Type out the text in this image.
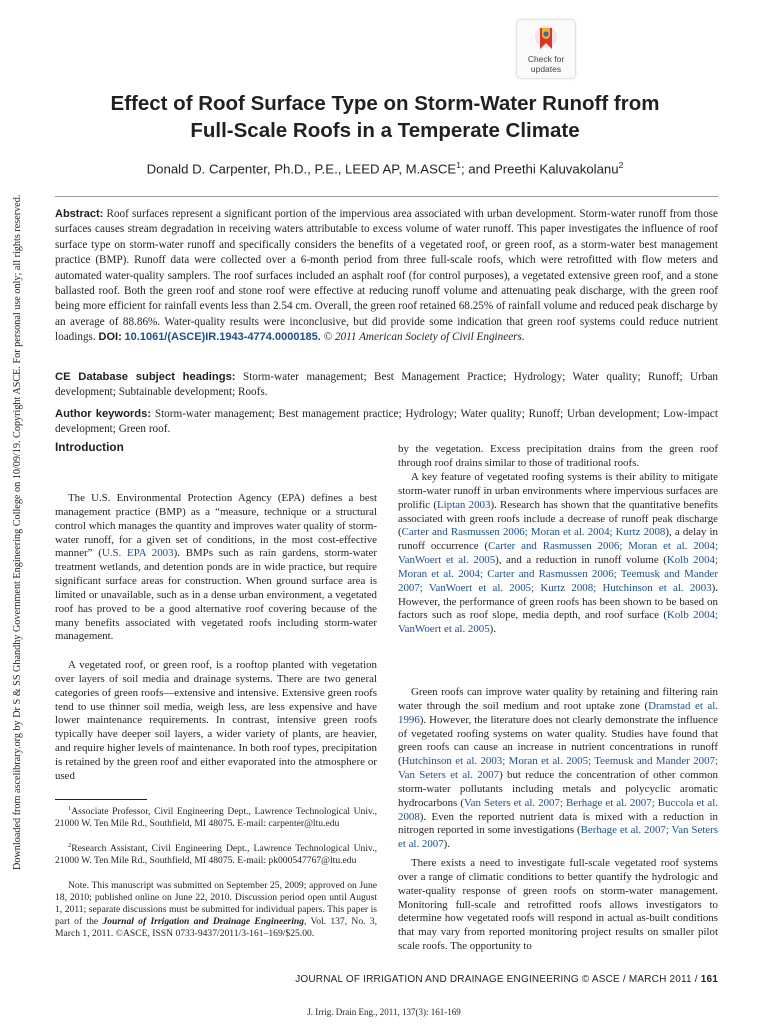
Downloaded from ascelibrary.org by Dr S & SS Ghandhy Government Engineering College on 10/09/19. Copyright ASCE. For personal use only; all rights reserved.
Check for
updates
Effect of Roof Surface Type on Storm-Water Runoff from
Full-Scale Roofs in a Temperate Climate
Donald D. Carpenter, Ph.D., P.E., LEED AP, M.ASCE$^1$; and Preethi Kaluvakolanu$^2$
Abstract: Roof surfaces represent a significant portion of the impervious area associated with urban development. Storm-water runoff from those surfaces causes stream degradation in receiving waters attributable to excess volume of water runoff. This paper investigates the influence of roof surface type on storm-water runoff and specifically considers the benefits of a vegetated roof, or green roof, as a storm-water best management practice (BMP). Runoff data were collected over a 6-month period from three full-scale roofs, which were retrofitted with flow meters and automated water-quality samplers. The roof surfaces included an asphalt roof (for control purposes), a vegetated extensive green roof, and a stone ballasted roof. Both the green roof and stone roof were effective at reducing runoff volume and attenuating peak discharge, with the green roof being more efficient for rainfall events less than 2.54 cm. Overall, the green roof retained 68.25% of rainfall volume and reduced peak discharge by an average of 88.86%. Water-quality results were inconclusive, but did provide some indication that green roof systems could reduce nutrient loadings. DOI: 10.1061/(ASCE)IR.1943-4774.0000185. © 2011 American Society of Civil Engineers.
CE Database subject headings: Storm-water management; Best Management Practice; Hydrology; Water quality; Runoff; Urban development; Subtainable development; Roofs.
Author keywords: Storm-water management; Best management practice; Hydrology; Water quality; Runoff; Urban development; Low-impact development; Green roof.
Introduction

The U.S. Environmental Protection Agency (EPA) defines a best management practice (BMP) as a “measure, technique or a structural control which manages the quantity and improves water quality of storm-water runoff, for a given set of conditions, in the most cost-effective manner” (U.S. EPA 2003). BMPs such as rain gardens, storm-water treatment wetlands, and detention ponds are in wide practice, but require significant surface areas for construction. When ground surface area is limited or unavailable, such as in a dense urban environment, a vegetated roof has proved to be a good alternative roof covering because of the many benefits associated with vegetated roofs including storm-water management.

A vegetated roof, or green roof, is a rooftop planted with vegetation over layers of soil media and drainage systems. There are two general categories of green roofs—extensive and intensive. Extensive green roofs tend to use thinner soil media, weigh less, are less expensive and have lower maintenance requirements. In contrast, intensive green roofs typically have deeper soil layers, a wider variety of plants, are heavier, and require higher levels of maintenance. In both roof types, precipitation is retained by the green roof and either evaporated into the atmosphere or used

$^1$Associate Professor, Civil Engineering Dept., Lawrence Technological Univ., 21000 W. Ten Mile Rd., Southfield, MI 48075. E-mail: carpenter@ltu.edu

$^2$Research Assistant, Civil Engineering Dept., Lawrence Technological Univ., 21000 W. Ten Mile Rd., Southfield, MI 48075. E-mail: pk000547767@ltu.edu

Note. This manuscript was submitted on September 25, 2009; approved on June 18, 2010; published online on June 22, 2010. Discussion period open until August 1, 2011; separate discussions must be submitted for individual papers. This paper is part of the Journal of Irrigation and Drainage Engineering, Vol. 137, No. 3, March 1, 2011. ©ASCE, ISSN 0733-9437/2011/3-161–169/$25.00.

by the vegetation. Excess precipitation drains from the green roof through roof drains similar to those of traditional roofs.

A key feature of vegetated roofing systems is their ability to mitigate storm-water runoff in urban environments where impervious surfaces are prolific (Liptan 2003). Research has shown that the quantitative benefits associated with green roofs include a decrease of runoff peak discharge (Carter and Rasmussen 2006; Moran et al. 2004; Kurtz 2008), a delay in runoff occurrence (Carter and Rasmussen 2006; Moran et al. 2004; VanWoert et al. 2005), and a reduction in runoff volume (Kolb 2004; Moran et al. 2004; Carter and Rasmussen 2006; Teemusk and Mander 2007; VanWoert et al. 2005; Kurtz 2008; Hutchinson et al. 2003). However, the performance of green roofs has been shown to be based on factors such as roof slope, media depth, and roof surface (Kolb 2004; VanWoert et al. 2005).

Green roofs can improve water quality by retaining and filtering rain water through the soil medium and root uptake zone (Dramstad et al. 1996). However, the literature does not clearly demonstrate the influence of vegetated roofing systems on water quality. Studies have found that green roofs can cause an increase in nutrient concentrations in runoff (Hutchinson et al. 2003; Moran et al. 2005; Teemusk and Mander 2007; Van Seters et al. 2007) but reduce the concentration of other common storm-water pollutants including metals and polycyclic aromatic hydrocarbons (Van Seters et al. 2007; Berhage et al. 2007; Buccola et al. 2008). Even the reported nutrient data is mixed with a reduction in nitrogen reported in some investigations (Berhage et al. 2007; Van Seters et al. 2007).

There exists a need to investigate full-scale vegetated roof systems over a range of climatic conditions to better quantify the hydrologic and water-quality response of green roofs on storm-water management. Monitoring full-scale and retrofitted roofs allows investigators to determine how vegetated roofs will respond in actual as-built conditions that may vary from reported monitoring project results on smaller pilot scale roofs. The opportunity to

JOURNAL OF IRRIGATION AND DRAINAGE ENGINEERING © ASCE / MARCH 2011 / 161
J. Irrig. Drain Eng., 2011, 137(3): 161-169
